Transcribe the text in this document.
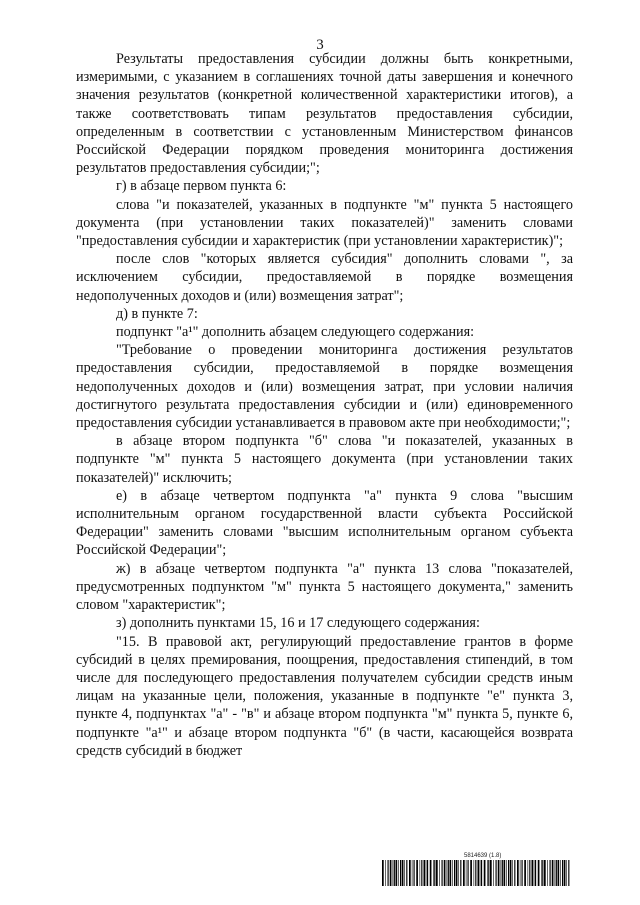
3

Результаты предоставления субсидии должны быть конкретными, измеримыми, с указанием в соглашениях точной даты завершения и конечного значения результатов (конкретной количественной характеристики итогов), а также соответствовать типам результатов предоставления субсидии, определенным в соответствии с установленным Министерством финансов Российской Федерации порядком проведения мониторинга достижения результатов предоставления субсидии;";

г) в абзаце первом пункта 6:

слова "и показателей, указанных в подпункте "м" пункта 5 настоящего документа (при установлении таких показателей)" заменить словами "предоставления субсидии и характеристик (при установлении характеристик)";

после слов "которых является субсидия" дополнить словами ", за исключением субсидии, предоставляемой в порядке возмещения недополученных доходов и (или) возмещения затрат";

д) в пункте 7:

подпункт "а¹" дополнить абзацем следующего содержания:

"Требование о проведении мониторинга достижения результатов предоставления субсидии, предоставляемой в порядке возмещения недополученных доходов и (или) возмещения затрат, при условии наличия достигнутого результата предоставления субсидии и (или) единовременного предоставления субсидии устанавливается в правовом акте при необходимости;";

в абзаце втором подпункта "б" слова "и показателей, указанных в подпункте "м" пункта 5 настоящего документа (при установлении таких показателей)" исключить;

е) в абзаце четвертом подпункта "а" пункта 9 слова "высшим исполнительным органом государственной власти субъекта Российской Федерации" заменить словами "высшим исполнительным органом субъекта Российской Федерации";

ж) в абзаце четвертом подпункта "а" пункта 13 слова "показателей, предусмотренных подпунктом "м" пункта 5 настоящего документа," заменить словом "характеристик";

з) дополнить пунктами 15, 16 и 17 следующего содержания:

"15. В правовой акт, регулирующий предоставление грантов в форме субсидий в целях премирования, поощрения, предоставления стипендий, в том числе для последующего предоставления получателем субсидии средств иным лицам на указанные цели, положения, указанные в подпункте "е" пункта 3, пункте 4, подпунктах "а" - "в" и абзаце втором подпункта "м" пункта 5, пункте 6, подпункте "а¹" и абзаце втором подпункта "б" (в части, касающейся возврата средств субсидий в бюджет

5814639 (1.8)
